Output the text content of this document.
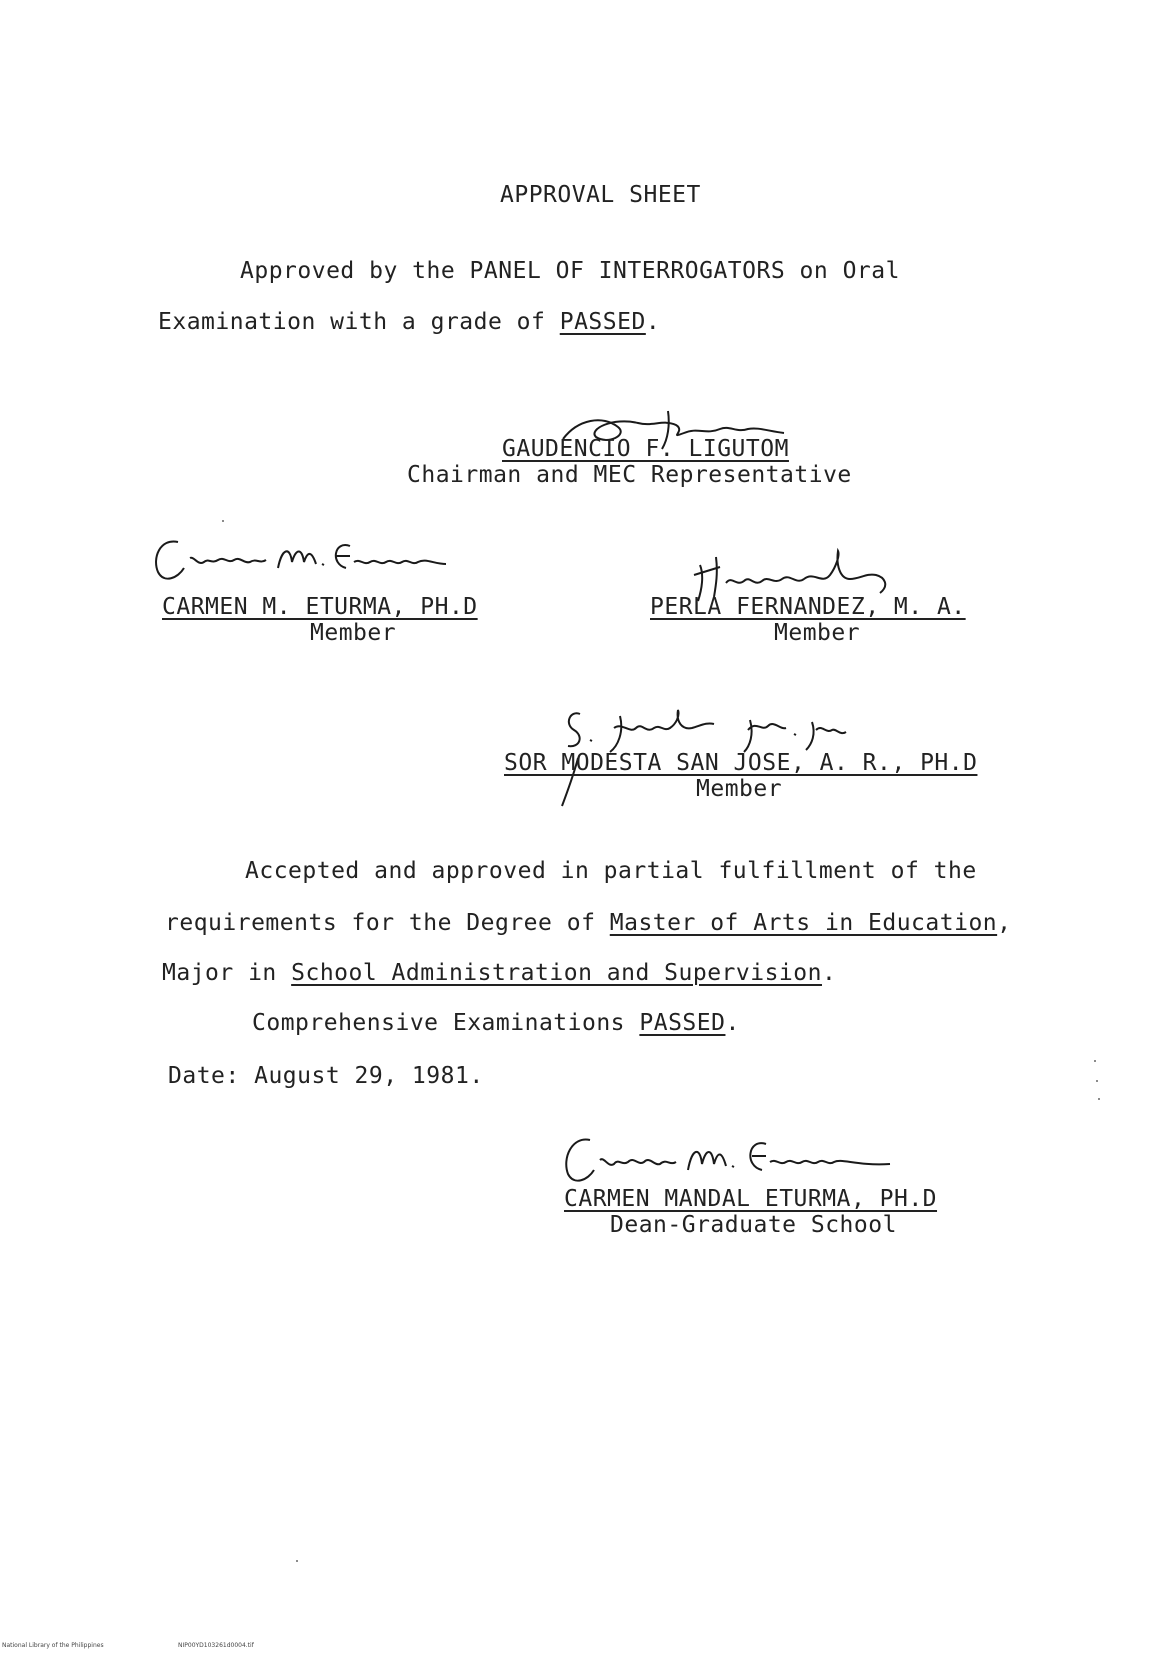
APPROVAL SHEET
Approved by the PANEL OF INTERROGATORS on Oral
Examination with a grade of PASSED.
GAUDENCIO F. LIGUTOM
Chairman and MEC Representative
CARMEN M. ETURMA, PH.D
Member
PERLA FERNANDEZ, M. A.
Member
SOR MODESTA SAN JOSE, A. R., PH.D
Member
Accepted and approved in partial fulfillment of the
requirements for the Degree of Master of Arts in Education,
Major in School Administration and Supervision.
Comprehensive Examinations PASSED.
Date: August 29, 1981.
CARMEN MANDAL ETURMA, PH.D
Dean-Graduate School
National Library of the Philippines	NIP00YD103261d0004.tif
